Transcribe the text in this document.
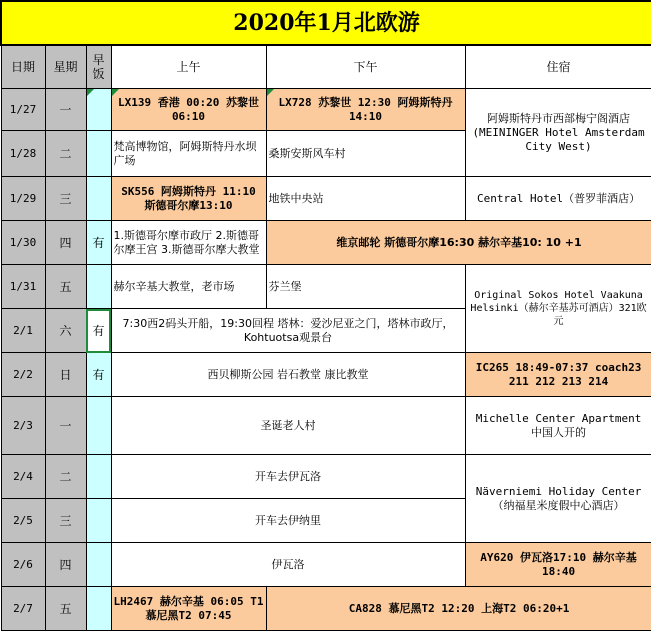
2020年1月北欧游					
日期	星期	早饭	上午	下午	住宿
1/27	一		LX139 香港 00:20 苏黎世 06:10	LX728 苏黎世 12:30 阿姆斯特丹 14:10	阿姆斯特丹市西部梅宁阁酒店(MEININGER Hotel Amsterdam City West)
1/28	二		梵高博物馆，阿姆斯特丹水坝广场	桑斯安斯风车村	
1/29	三		SK556 阿姆斯特丹 11:10 斯德哥尔摩13:10	地铁中央站	Central Hotel（普罗菲酒店）
1/30	四	有	1.斯德哥尔摩市政厅 2.斯德哥尔摩王宫 3.斯德哥尔摩大教堂	维京邮轮 斯德哥尔摩16:30 赫尔辛基10: 10 +1	
1/31	五		赫尔辛基大教堂，老市场	芬兰堡	Original Sokos Hotel Vaakuna Helsinki（赫尔辛基苏可酒店）321欧元
2/1	六	有	7:30西2码头开船，19:30回程 塔林：爱沙尼亚之门，塔林市政厅，Kohtuotsa观景台		
2/2	日	有	西贝柳斯公园 岩石教堂 康比教堂		IC265 18:49-07:37 coach23 211 212 213 214
2/3	一		圣诞老人村		Michelle Center Apartment 中国人开的
2/4	二		开车去伊瓦洛		Näverniemi Holiday Center（纳福星米度假中心酒店）
2/5	三		开车去伊纳里		
2/6	四		伊瓦洛		AY620 伊瓦洛17:10 赫尔辛基 18:40
2/7	五		LH2467 赫尔辛基 06:05 T1 慕尼黑T2 07:45	CA828 慕尼黑T2 12:20 上海T2 06:20+1	
